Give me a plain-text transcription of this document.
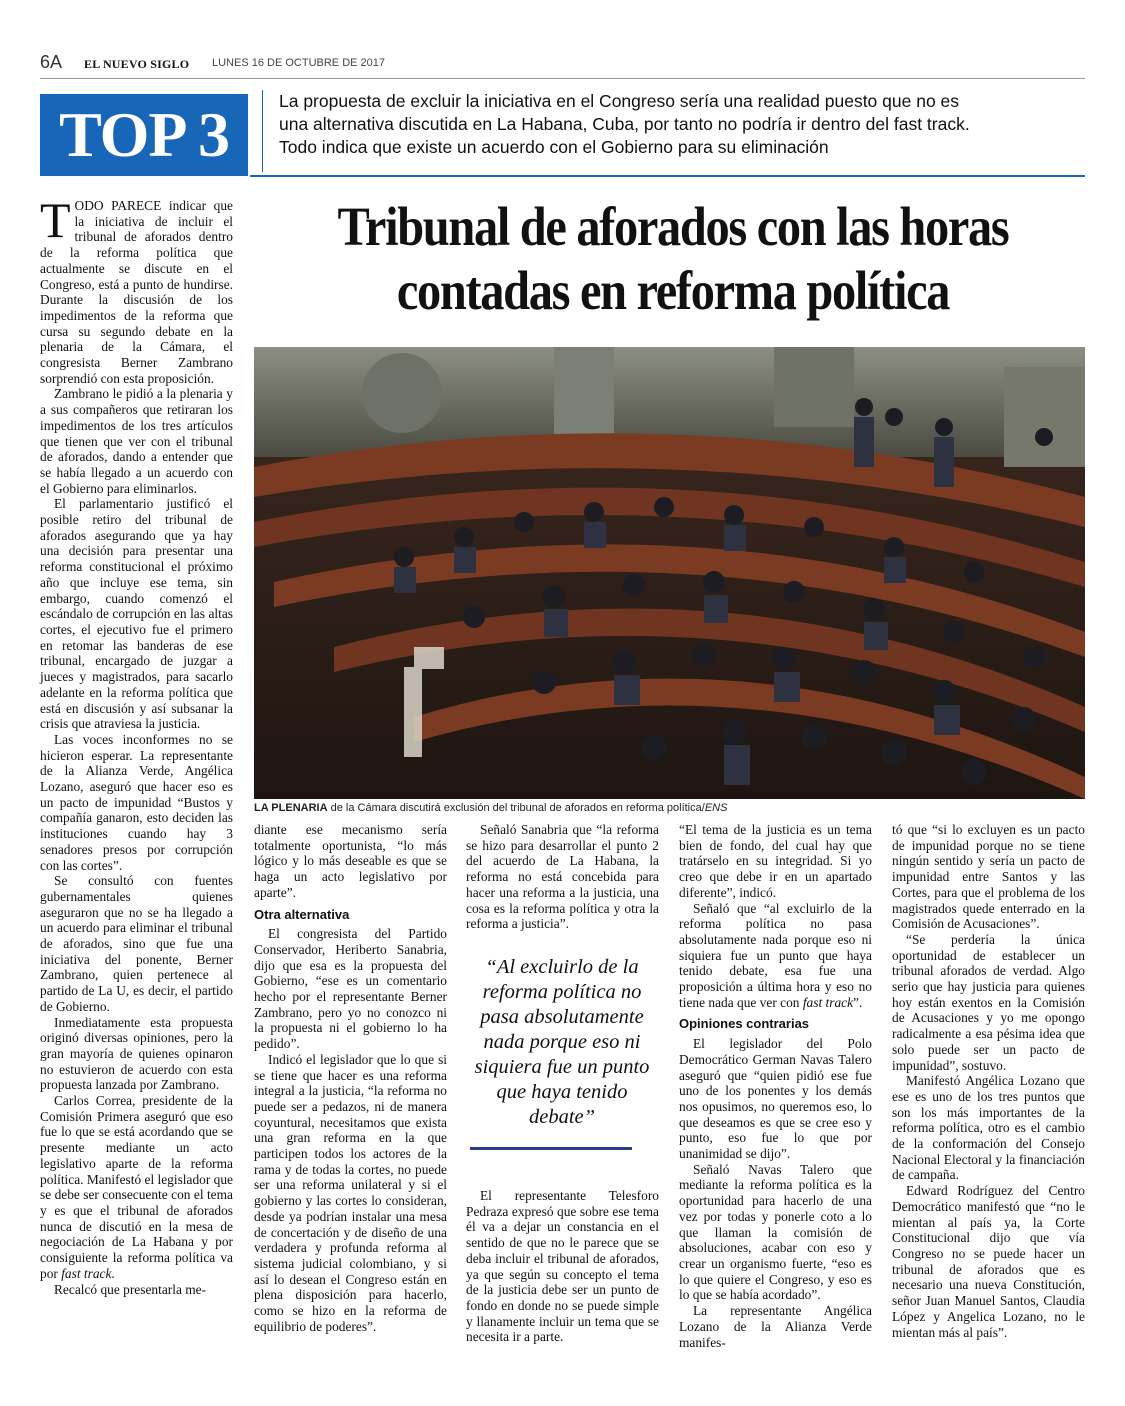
6A EL NUEVO SIGLO LUNES 16 DE OCTUBRE DE 2017
TOP 3	La propuesta de excluir la iniciativa en el Congreso sería una realidad puesto que no es
una alternativa discutida en La Habana, Cuba, por tanto no podría ir dentro del fast track.
Todo indica que existe un acuerdo con el Gobierno para su eliminación
Tribunal de aforados con las horas
contadas en reforma política
LA PLENARIA de la Cámara discutirá exclusión del tribunal de aforados en reforma política/ENS

TODO PARECE indicar que la iniciativa de incluir el tribunal de aforados dentro de la reforma política que actualmente se discute en el Congreso, está a punto de hundirse. Durante la discusión de los impedimentos de la reforma que cursa su segundo debate en la plenaria de la Cámara, el congresista Berner Zambrano sorprendió con esta proposición.

Zambrano le pidió a la plenaria y a sus compañeros que retiraran los impedimentos de los tres artículos que tienen que ver con el tribunal de aforados, dando a entender que se había llegado a un acuerdo con el Gobierno para eliminarlos.

El parlamentario justificó el posible retiro del tribunal de aforados asegurando que ya hay una decisión para presentar una reforma constitucional el próximo año que incluye ese tema, sin embargo, cuando comenzó el escándalo de corrupción en las altas cortes, el ejecutivo fue el primero en retomar las banderas de ese tribunal, encargado de juzgar a jueces y magistrados, para sacarlo adelante en la reforma política que está en discusión y así subsanar la crisis que atraviesa la justicia.

Las voces inconformes no se hicieron esperar. La representante de la Alianza Verde, Angélica Lozano, aseguró que hacer eso es un pacto de impunidad “Bustos y compañía ganaron, esto deciden las instituciones cuando hay 3 senadores presos por corrupción con las cortes”.

Se consultó con fuentes gubernamentales quienes aseguraron que no se ha llegado a un acuerdo para eliminar el tribunal de aforados, sino que fue una iniciativa del ponente, Berner Zambrano, quien pertenece al partido de La U, es decir, el partido de Gobierno.

Inmediatamente esta propuesta originó diversas opiniones, pero la gran mayoría de quienes opinaron no estuvieron de acuerdo con esta propuesta lanzada por Zambrano.

Carlos Correa, presidente de la Comisión Primera aseguró que eso fue lo que se está acordando que se presente mediante un acto legislativo aparte de la reforma política. Manifestó el legislador que se debe ser consecuente con el tema y es que el tribunal de aforados nunca de discutió en la mesa de negociación de La Habana y por consiguiente la reforma política va por fast track.

Recalcó que presentarla me-

diante ese mecanismo sería totalmente oportunista, “lo más lógico y lo más deseable es que se haga un acto legislativo por aparte”.

Otra alternativa

El congresista del Partido Conservador, Heriberto Sanabria, dijo que esa es la propuesta del Gobierno, “ese es un comentario hecho por el representante Berner Zambrano, pero yo no conozco ni la propuesta ni el gobierno lo ha pedido”.

Indicó el legislador que lo que si se tiene que hacer es una reforma integral a la justicia, “la reforma no puede ser a pedazos, ni de manera coyuntural, necesitamos que exista una gran reforma en la que participen todos los actores de la rama y de todas la cortes, no puede ser una reforma unilateral y si el gobierno y las cortes lo consideran, desde ya podrían instalar una mesa de concertación y de diseño de una verdadera y profunda reforma al sistema judicial colombiano, y si así lo desean el Congreso están en plena disposición para hacerlo, como se hizo en la reforma de equilibrio de poderes”.

Señaló Sanabria que “la reforma se hizo para desarrollar el punto 2 del acuerdo de La Habana, la reforma no está concebida para hacer una reforma a la justicia, una cosa es la reforma política y otra la reforma a justicia”.

“Al excluirlo de la reforma política no pasa absolutamente nada porque eso ni siquiera fue un punto que haya tenido debate”

El representante Telesforo Pedraza expresó que sobre ese tema él va a dejar un constancia en el sentido de que no le parece que se deba incluir el tribunal de aforados, ya que según su concepto el tema de la justicia debe ser un punto de fondo en donde no se puede simple y llanamente incluir un tema que se necesita ir a parte.

“El tema de la justicia es un tema bien de fondo, del cual hay que tratárselo en su integridad. Si yo creo que debe ir en un apartado diferente”, indicó.

Señaló que “al excluirlo de la reforma política no pasa absolutamente nada porque eso ni siquiera fue un punto que haya tenido debate, esa fue una proposición a última hora y eso no tiene nada que ver con fast track”.

Opiniones contrarias

El legislador del Polo Democrático German Navas Talero aseguró que “quien pidió ese fue uno de los ponentes y los demás nos opusimos, no queremos eso, lo que deseamos es que se cree eso y punto, eso fue lo que por unanimidad se dijo”.

Señaló Navas Talero que mediante la reforma política es la oportunidad para hacerlo de una vez por todas y ponerle coto a lo que llaman la comisión de absoluciones, acabar con eso y crear un organismo fuerte, “eso es lo que quiere el Congreso, y eso es lo que se había acordado”.

La representante Angélica Lozano de la Alianza Verde manifes-

tó que “si lo excluyen es un pacto de impunidad porque no se tiene ningún sentido y sería un pacto de impunidad entre Santos y las Cortes, para que el problema de los magistrados quede enterrado en la Comisión de Acusaciones”.

“Se perdería la única oportunidad de establecer un tribunal aforados de verdad. Algo serio que hay justicia para quienes hoy están exentos en la Comisión de Acusaciones y yo me opongo radicalmente a esa pésima idea que solo puede ser un pacto de impunidad”, sostuvo.

Manifestó Angélica Lozano que ese es uno de los tres puntos que son los más importantes de la reforma política, otro es el cambio de la conformación del Consejo Nacional Electoral y la financiación de campaña.

Edward Rodríguez del Centro Democrático manifestó que “no le mientan al país ya, la Corte Constitucional dijo que vía Congreso no se puede hacer un tribunal de aforados que es necesario una nueva Constitución, señor Juan Manuel Santos, Claudia López y Angelica Lozano, no le mientan más al país”.
